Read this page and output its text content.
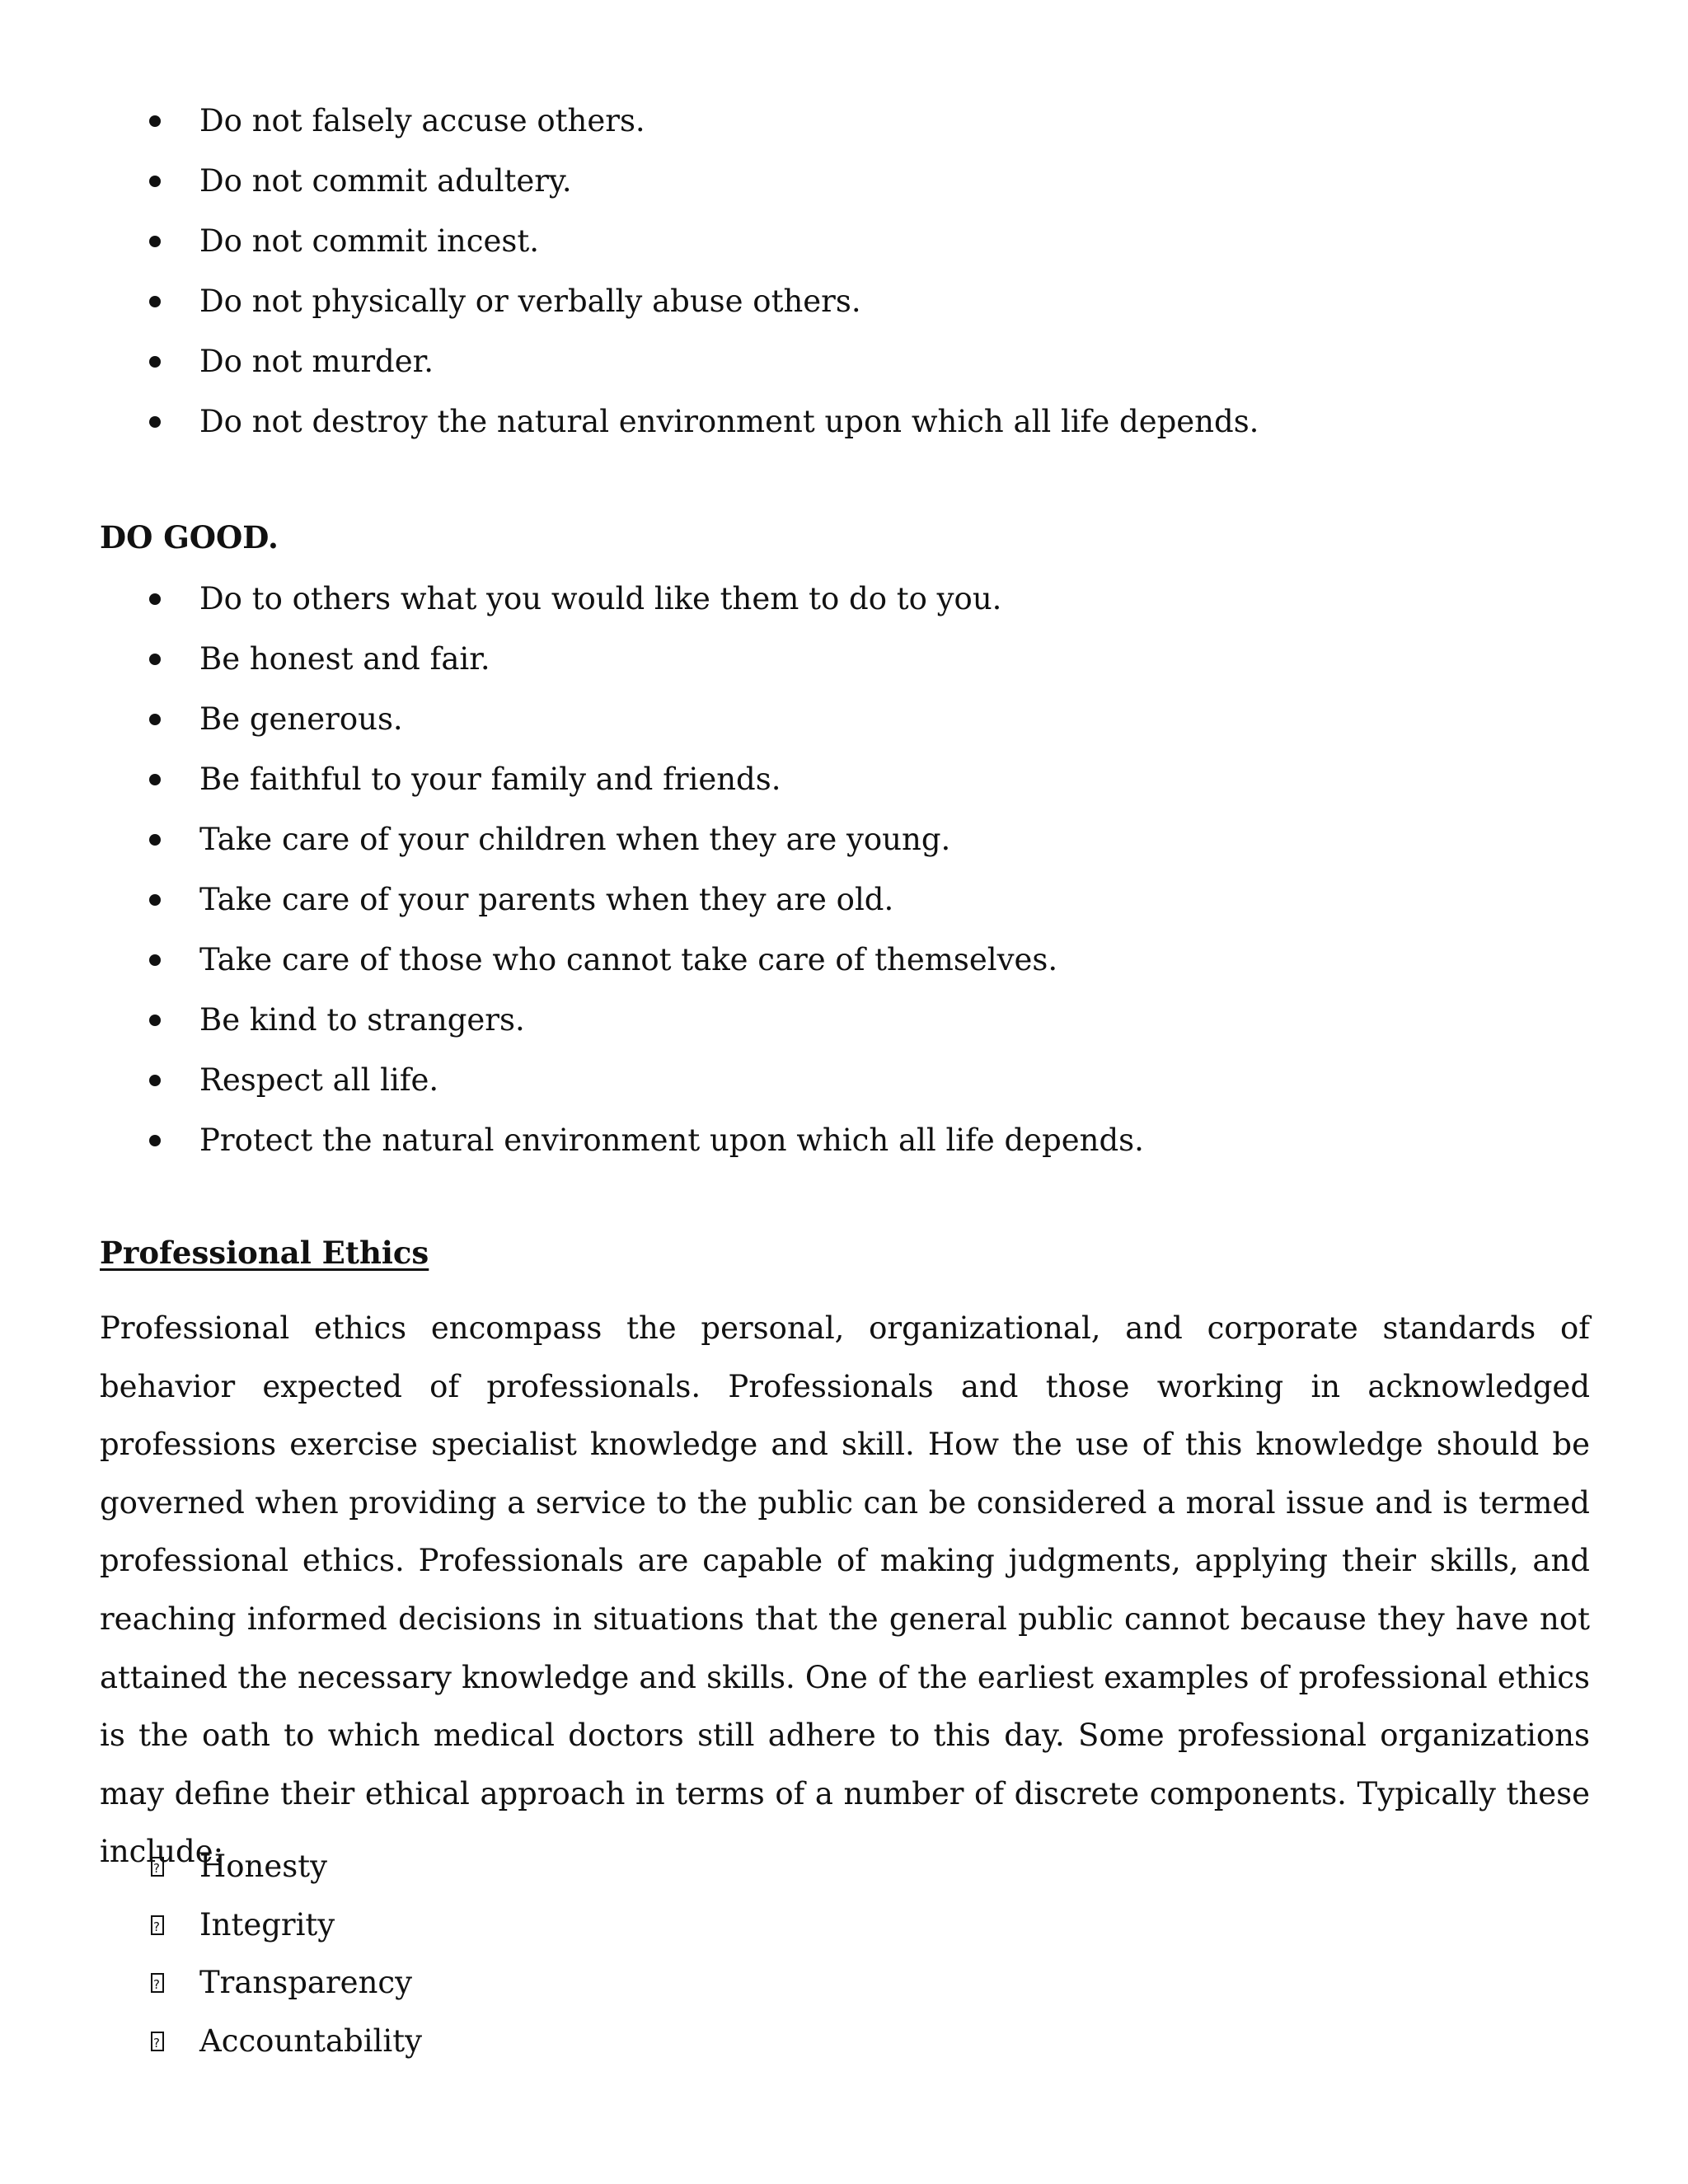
Do not falsely accuse others.
Do not commit adultery.
Do not commit incest.
Do not physically or verbally abuse others.
Do not murder.
Do not destroy the natural environment upon which all life depends.
DO GOOD.
Do to others what you would like them to do to you.
Be honest and fair.
Be generous.
Be faithful to your family and friends.
Take care of your children when they are young.
Take care of your parents when they are old.
Take care of those who cannot take care of themselves.
Be kind to strangers.
Respect all life.
Protect the natural environment upon which all life depends.
Professional Ethics

Professional ethics encompass the personal, organizational, and corporate standards of behavior expected of professionals. Professionals and those working in acknowledged professions exercise specialist knowledge and skill. How the use of this knowledge should be governed when providing a service to the public can be considered a moral issue and is termed professional ethics. Professionals are capable of making judgments, applying their skills, and reaching informed decisions in situations that the general public cannot because they have not attained the necessary knowledge and skills. One of the earliest examples of professional ethics is the oath to which medical doctors still adhere to this day. Some professional organizations may define their ethical approach in terms of a number of discrete components. Typically these include:

?
Honesty
?
Integrity
?
Transparency
?
Accountability
